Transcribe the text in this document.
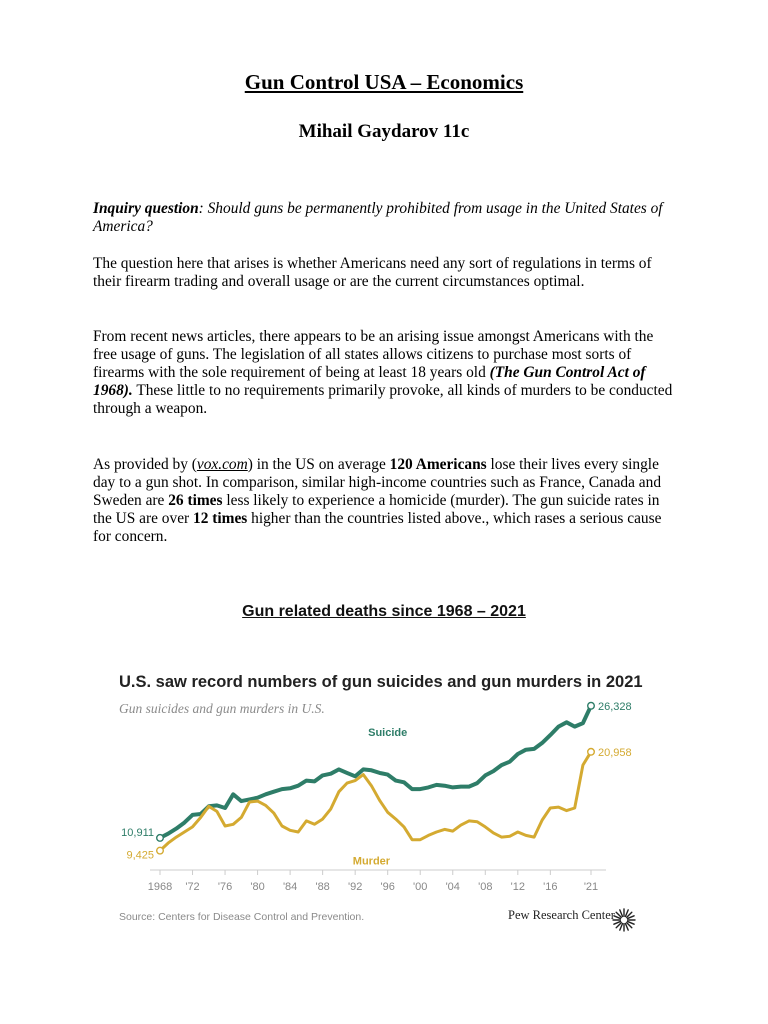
Gun Control USA – Economics
Mihail Gaydarov 11c

Inquiry question: Should guns be permanently prohibited from usage in the United States of America?

The question here that arises is whether Americans need any sort of regulations in terms of their firearm trading and overall usage or are the current circumstances optimal.

From recent news articles, there appears to be an arising issue amongst Americans with the free usage of guns. The legislation of all states allows citizens to purchase most sorts of firearms with the sole requirement of being at least 18 years old (The Gun Control Act of 1968). These little to no requirements primarily provoke, all kinds of murders to be conducted through a weapon.

As provided by (vox.com) in the US on average 120 Americans lose their lives every single day to a gun shot. In comparison, similar high-income countries such as France, Canada and Sweden are 26 times less likely to experience a homicide (murder). The gun suicide rates in the US are over 12 times higher than the countries listed above., which rases a serious cause for concern.

Gun related deaths since 1968 – 2021
U.S. saw record numbers of gun suicides and gun murders in 2021
Gun suicides and gun murders in U.S.
1968 '72 '76 '80 '84 '88 '92 '96 '00 '04 '08 '12 '16 '21
10,911
26,328
9,425
20,958
Suicide
Murder
Source: Centers for Disease Control and Prevention.	Pew Research Center
